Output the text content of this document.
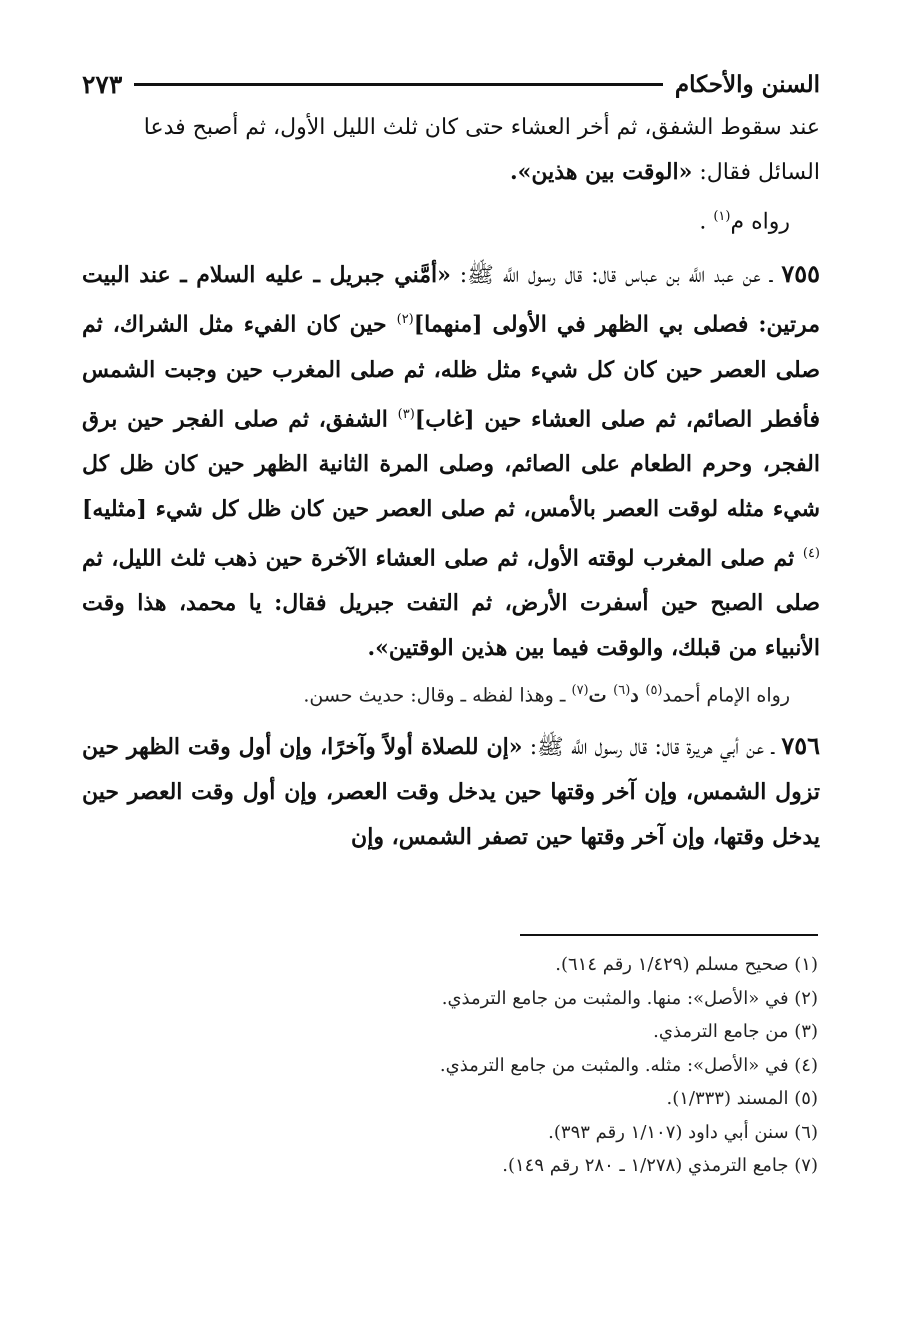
السنن والأحكام
٢٧٣

عند سقوط الشفق، ثم أخر العشاء حتى كان ثلث الليل الأول، ثم أصبح فدعا

السائل فقال: «الوقت بين هذين».

رواه م$^{(١)}$ .

٧٥٥ ـ عن عبد اللَّه بن عباس قال: قال رسول اللَّه ﷺ: «أمَّني جبريل ـ عليه السلام ـ عند البيت مرتين: فصلى بي الظهر في الأولى [منهما]$^{(٢)}$ حين كان الفيء مثل الشراك، ثم صلى العصر حين كان كل شيء مثل ظله، ثم صلى المغرب حين وجبت الشمس فأفطر الصائم، ثم صلى العشاء حين [غاب]$^{(٣)}$ الشفق، ثم صلى الفجر حين برق الفجر، وحرم الطعام على الصائم، وصلى المرة الثانية الظهر حين كان ظل كل شيء مثله لوقت العصر بالأمس، ثم صلى العصر حين كان ظل كل شيء [مثليه]$^{(٤)}$ ثم صلى المغرب لوقته الأول، ثم صلى العشاء الآخرة حين ذهب ثلث الليل، ثم صلى الصبح حين أسفرت الأرض، ثم التفت جبريل فقال: يا محمد، هذا وقت الأنبياء من قبلك، والوقت فيما بين هذين الوقتين».

رواه الإمام أحمد$^{(٥)}$ د$^{(٦)}$ ت$^{(٧)}$ ـ وهذا لفظه ـ وقال: حديث حسن.

٧٥٦ ـ عن أبي هريرة قال: قال رسول اللَّه ﷺ: «إن للصلاة أولاً وآخرًا، وإن أول وقت الظهر حين تزول الشمس، وإن آخر وقتها حين يدخل وقت العصر، وإن أول وقت العصر حين يدخل وقتها، وإن آخر وقتها حين تصفر الشمس، وإن

(١) صحيح مسلم (١/٤٢٩ رقم ٦١٤).

(٢) في «الأصل»: منها. والمثبت من جامع الترمذي.

(٣) من جامع الترمذي.

(٤) في «الأصل»: مثله. والمثبت من جامع الترمذي.

(٥) المسند (١/٣٣٣).

(٦) سنن أبي داود (١/١٠٧ رقم ٣٩٣).

(٧) جامع الترمذي (١/٢٧٨ ـ ٢٨٠ رقم ١٤٩).
